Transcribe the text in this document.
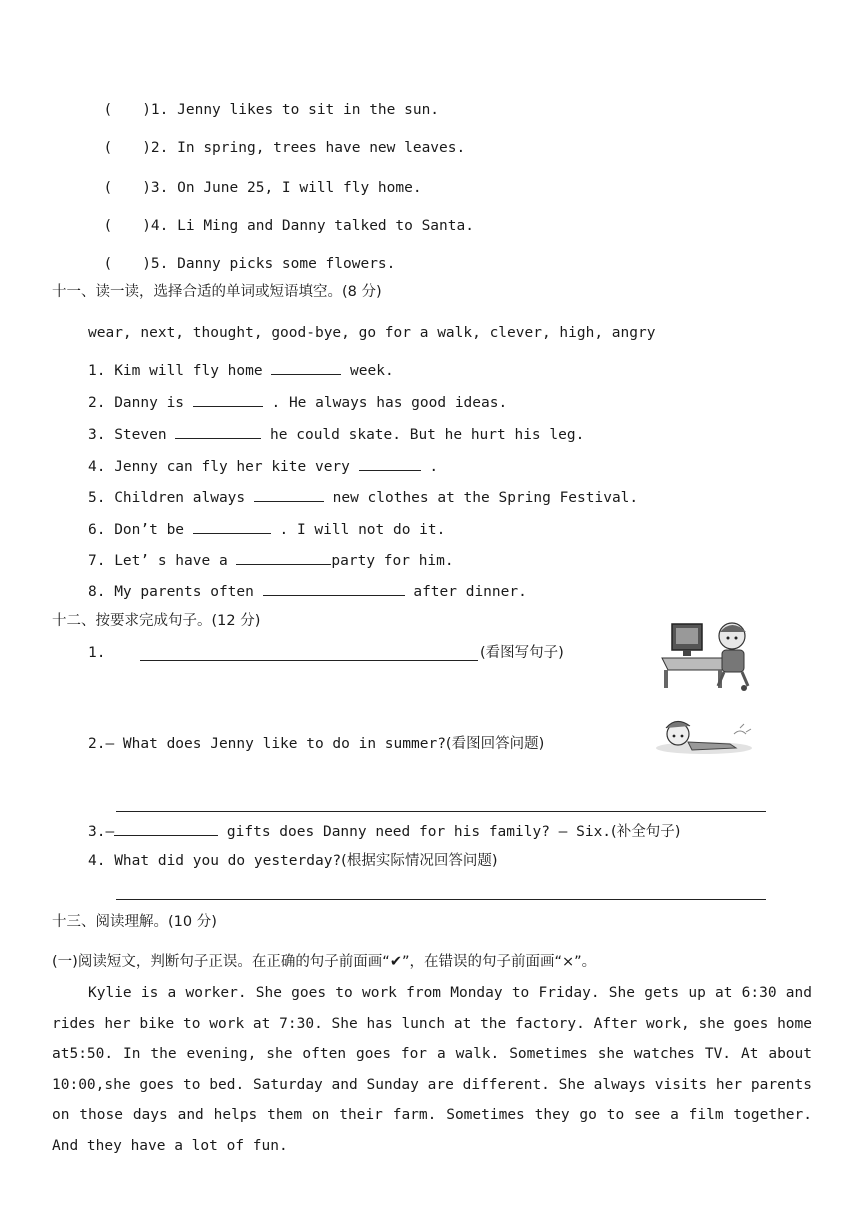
( )1. Jenny likes to sit in the sun.

( )2. In spring, trees have new leaves.

( )3. On June 25, I will fly home.

( )4. Li Ming and Danny talked to Santa.

( )5. Danny picks some flowers.

十一、读一读，选择合适的单词或短语填空。(8 分)
wear, next, thought, good-bye, go for a walk, clever, high, angry
1. Kim will fly home	week.
2. Danny is	. He always has good ideas.
3. Steven	he could skate. But he hurt his leg.
4. Jenny can fly her kite very	.
5. Children always	new clothes at the Spring Festival.
6. Don’t be	. I will not do it.
7. Let’ s have a	party for him.
8. My parents often	after dinner.
十二、按要求完成句子。(12 分)
1.	(看图写句子)
2.— What does Jenny like to do in summer?(看图回答问题)
3.—	gifts does Danny need for his family? — Six.(补全句子)
4. What did you do yesterday?(根据实际情况回答问题)
十三、阅读理解。(10 分)
(一)阅读短文，判断句子正误。在正确的句子前面画“✔”，在错误的句子前面画“×”。
Kylie is a worker. She goes to work from Monday to Friday. She gets up at 6:30 and rides her bike to work at 7:30. She has lunch at the factory. After work, she goes home at5:50. In the evening, she often goes for a walk. Sometimes she watches TV. At about 10:00,she goes to bed. Saturday and Sunday are different. She always visits her parents on those days and helps them on their farm. Sometimes they go to see a film together. And they have a lot of fun.
